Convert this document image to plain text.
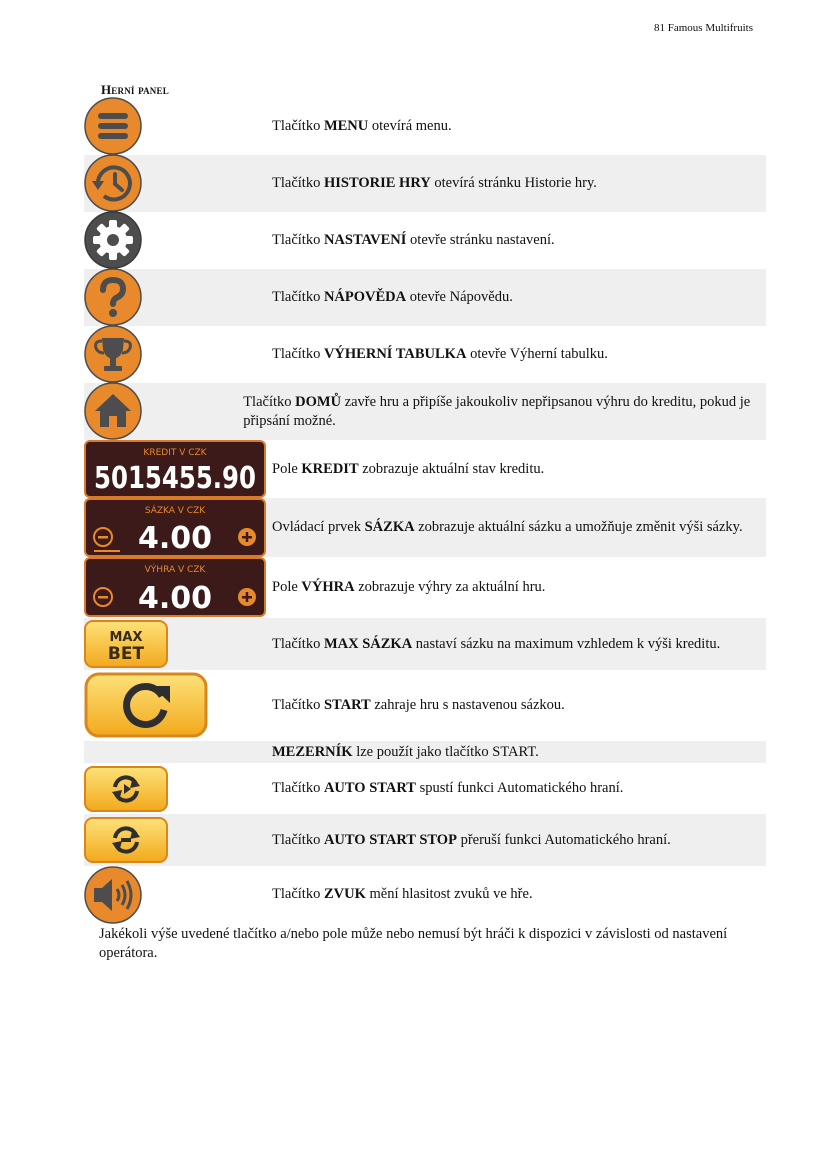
81 Famous Multifruits
Herní panel
Tlačítko MENU otevírá menu.
Tlačítko HISTORIE HRY otevírá stránku Historie hry.
Tlačítko NASTAVENÍ otevře stránku nastavení.
Tlačítko NÁPOVĚDA otevře Nápovědu.
Tlačítko VÝHERNÍ TABULKA otevře Výherní tabulku.
Tlačítko DOMŮ zavře hru a připíše jakoukoliv nepřipsanou výhru do kreditu, pokud je připsání možné.
KREDIT V CZK
5015455.90 Pole KREDIT zobrazuje aktuální stav kreditu.
SÁZKA V CZK
4.00	Ovládací prvek SÁZKA zobrazuje aktuální sázku a umožňuje změnit výši sázky.
VÝHRA V CZK
4.00	Pole VÝHRA zobrazuje výhry za aktuální hru.
MAX
BET
Tlačítko MAX SÁZKA nastaví sázku na maximum vzhledem k výši kreditu.
Tlačítko START zahraje hru s nastavenou sázkou.
MEZERNÍK lze použít jako tlačítko START.
Tlačítko AUTO START spustí funkci Automatického hraní.
Tlačítko AUTO START STOP přeruší funkci Automatického hraní.
Tlačítko ZVUK mění hlasitost zvuků ve hře.
Jakékoli výše uvedené tlačítko a/nebo pole může nebo nemusí být hráči k dispozici v závislosti od nastavení operátora.
